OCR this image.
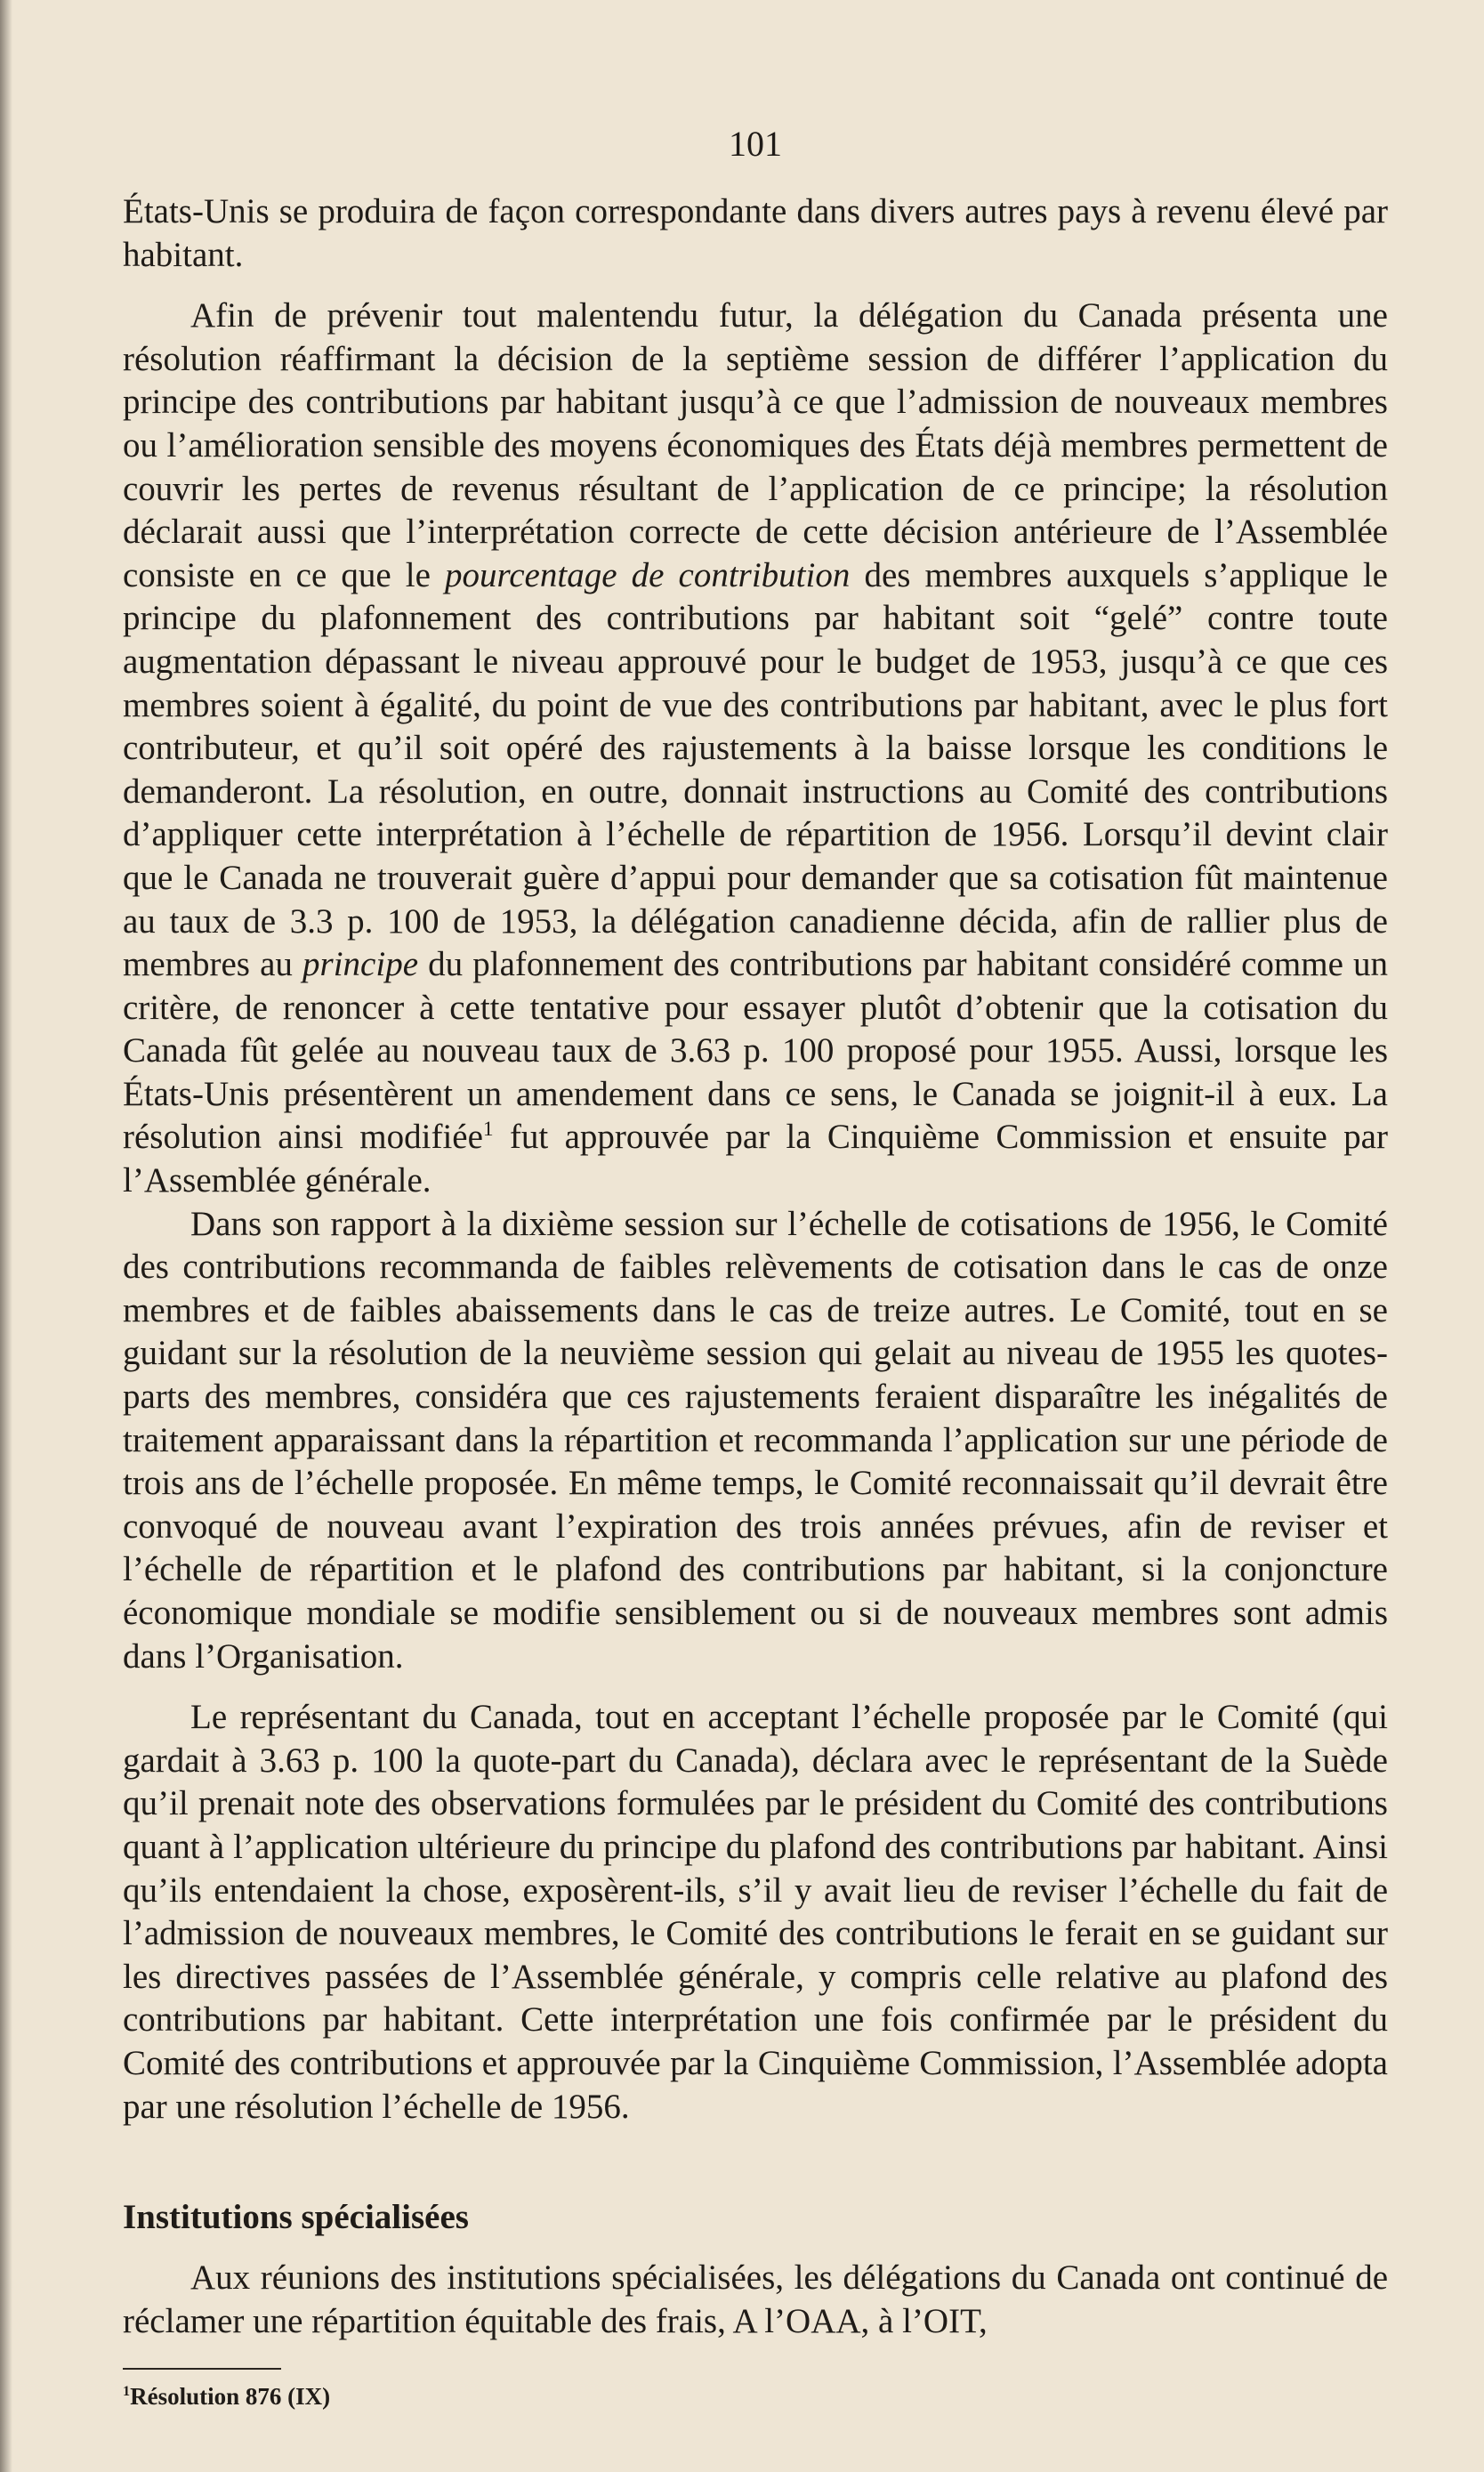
101

États-Unis se produira de façon correspondante dans divers autres pays à revenu élevé par habitant.

Afin de prévenir tout malentendu futur, la délégation du Canada présenta une résolution réaffirmant la décision de la septième session de différer l’application du principe des contributions par habitant jusqu’à ce que l’admission de nouveaux membres ou l’amélioration sensible des moyens économiques des États déjà membres permettent de couvrir les pertes de revenus résultant de l’application de ce principe; la résolution déclarait aussi que l’interprétation correcte de cette décision antérieure de l’Assemblée consiste en ce que le pourcentage de contribution des membres auxquels s’applique le principe du plafonnement des contributions par habitant soit “gelé” contre toute augmentation dépassant le niveau approuvé pour le budget de 1953, jusqu’à ce que ces membres soient à égalité, du point de vue des contributions par habitant, avec le plus fort contributeur, et qu’il soit opéré des rajustements à la baisse lorsque les conditions le demanderont. La résolution, en outre, donnait instructions au Comité des contributions d’appliquer cette interprétation à l’échelle de répartition de 1956. Lorsqu’il devint clair que le Canada ne trouverait guère d’appui pour demander que sa cotisation fût maintenue au taux de 3.3 p. 100 de 1953, la délégation canadienne décida, afin de rallier plus de membres au principe du plafonnement des contributions par habitant considéré comme un critère, de renoncer à cette tentative pour essayer plutôt d’obtenir que la cotisation du Canada fût gelée au nouveau taux de 3.63 p. 100 proposé pour 1955. Aussi, lorsque les États-Unis présentèrent un amendement dans ce sens, le Canada se joignit-il à eux. La résolution ainsi modifiée$^1$ fut approuvée par la Cinquième Commission et ensuite par l’Assemblée générale.

Dans son rapport à la dixième session sur l’échelle de cotisations de 1956, le Comité des contributions recommanda de faibles relèvements de cotisation dans le cas de onze membres et de faibles abaissements dans le cas de treize autres. Le Comité, tout en se guidant sur la résolution de la neuvième session qui gelait au niveau de 1955 les quotes-parts des membres, considéra que ces rajustements feraient disparaître les inégalités de traitement apparaissant dans la répartition et recommanda l’application sur une période de trois ans de l’échelle proposée. En même temps, le Comité reconnaissait qu’il devrait être convoqué de nouveau avant l’expiration des trois années prévues, afin de reviser et l’échelle de répartition et le plafond des contributions par habitant, si la conjoncture économique mondiale se modifie sensiblement ou si de nouveaux membres sont admis dans l’Organisation.

Le représentant du Canada, tout en acceptant l’échelle proposée par le Comité (qui gardait à 3.63 p. 100 la quote-part du Canada), déclara avec le représentant de la Suède qu’il prenait note des observations formulées par le président du Comité des contributions quant à l’application ultérieure du principe du plafond des contributions par habitant. Ainsi qu’ils entendaient la chose, exposèrent-ils, s’il y avait lieu de reviser l’échelle du fait de l’admission de nouveaux membres, le Comité des contributions le ferait en se guidant sur les directives passées de l’Assemblée générale, y compris celle relative au plafond des contributions par habitant. Cette interprétation une fois confirmée par le président du Comité des contributions et approuvée par la Cinquième Commission, l’Assemblée adopta par une résolution l’échelle de 1956.

Institutions spécialisées

Aux réunions des institutions spécialisées, les délégations du Canada ont continué de réclamer une répartition équitable des frais, A l’OAA, à l’OIT,

$^1$Résolution 876 (IX)
